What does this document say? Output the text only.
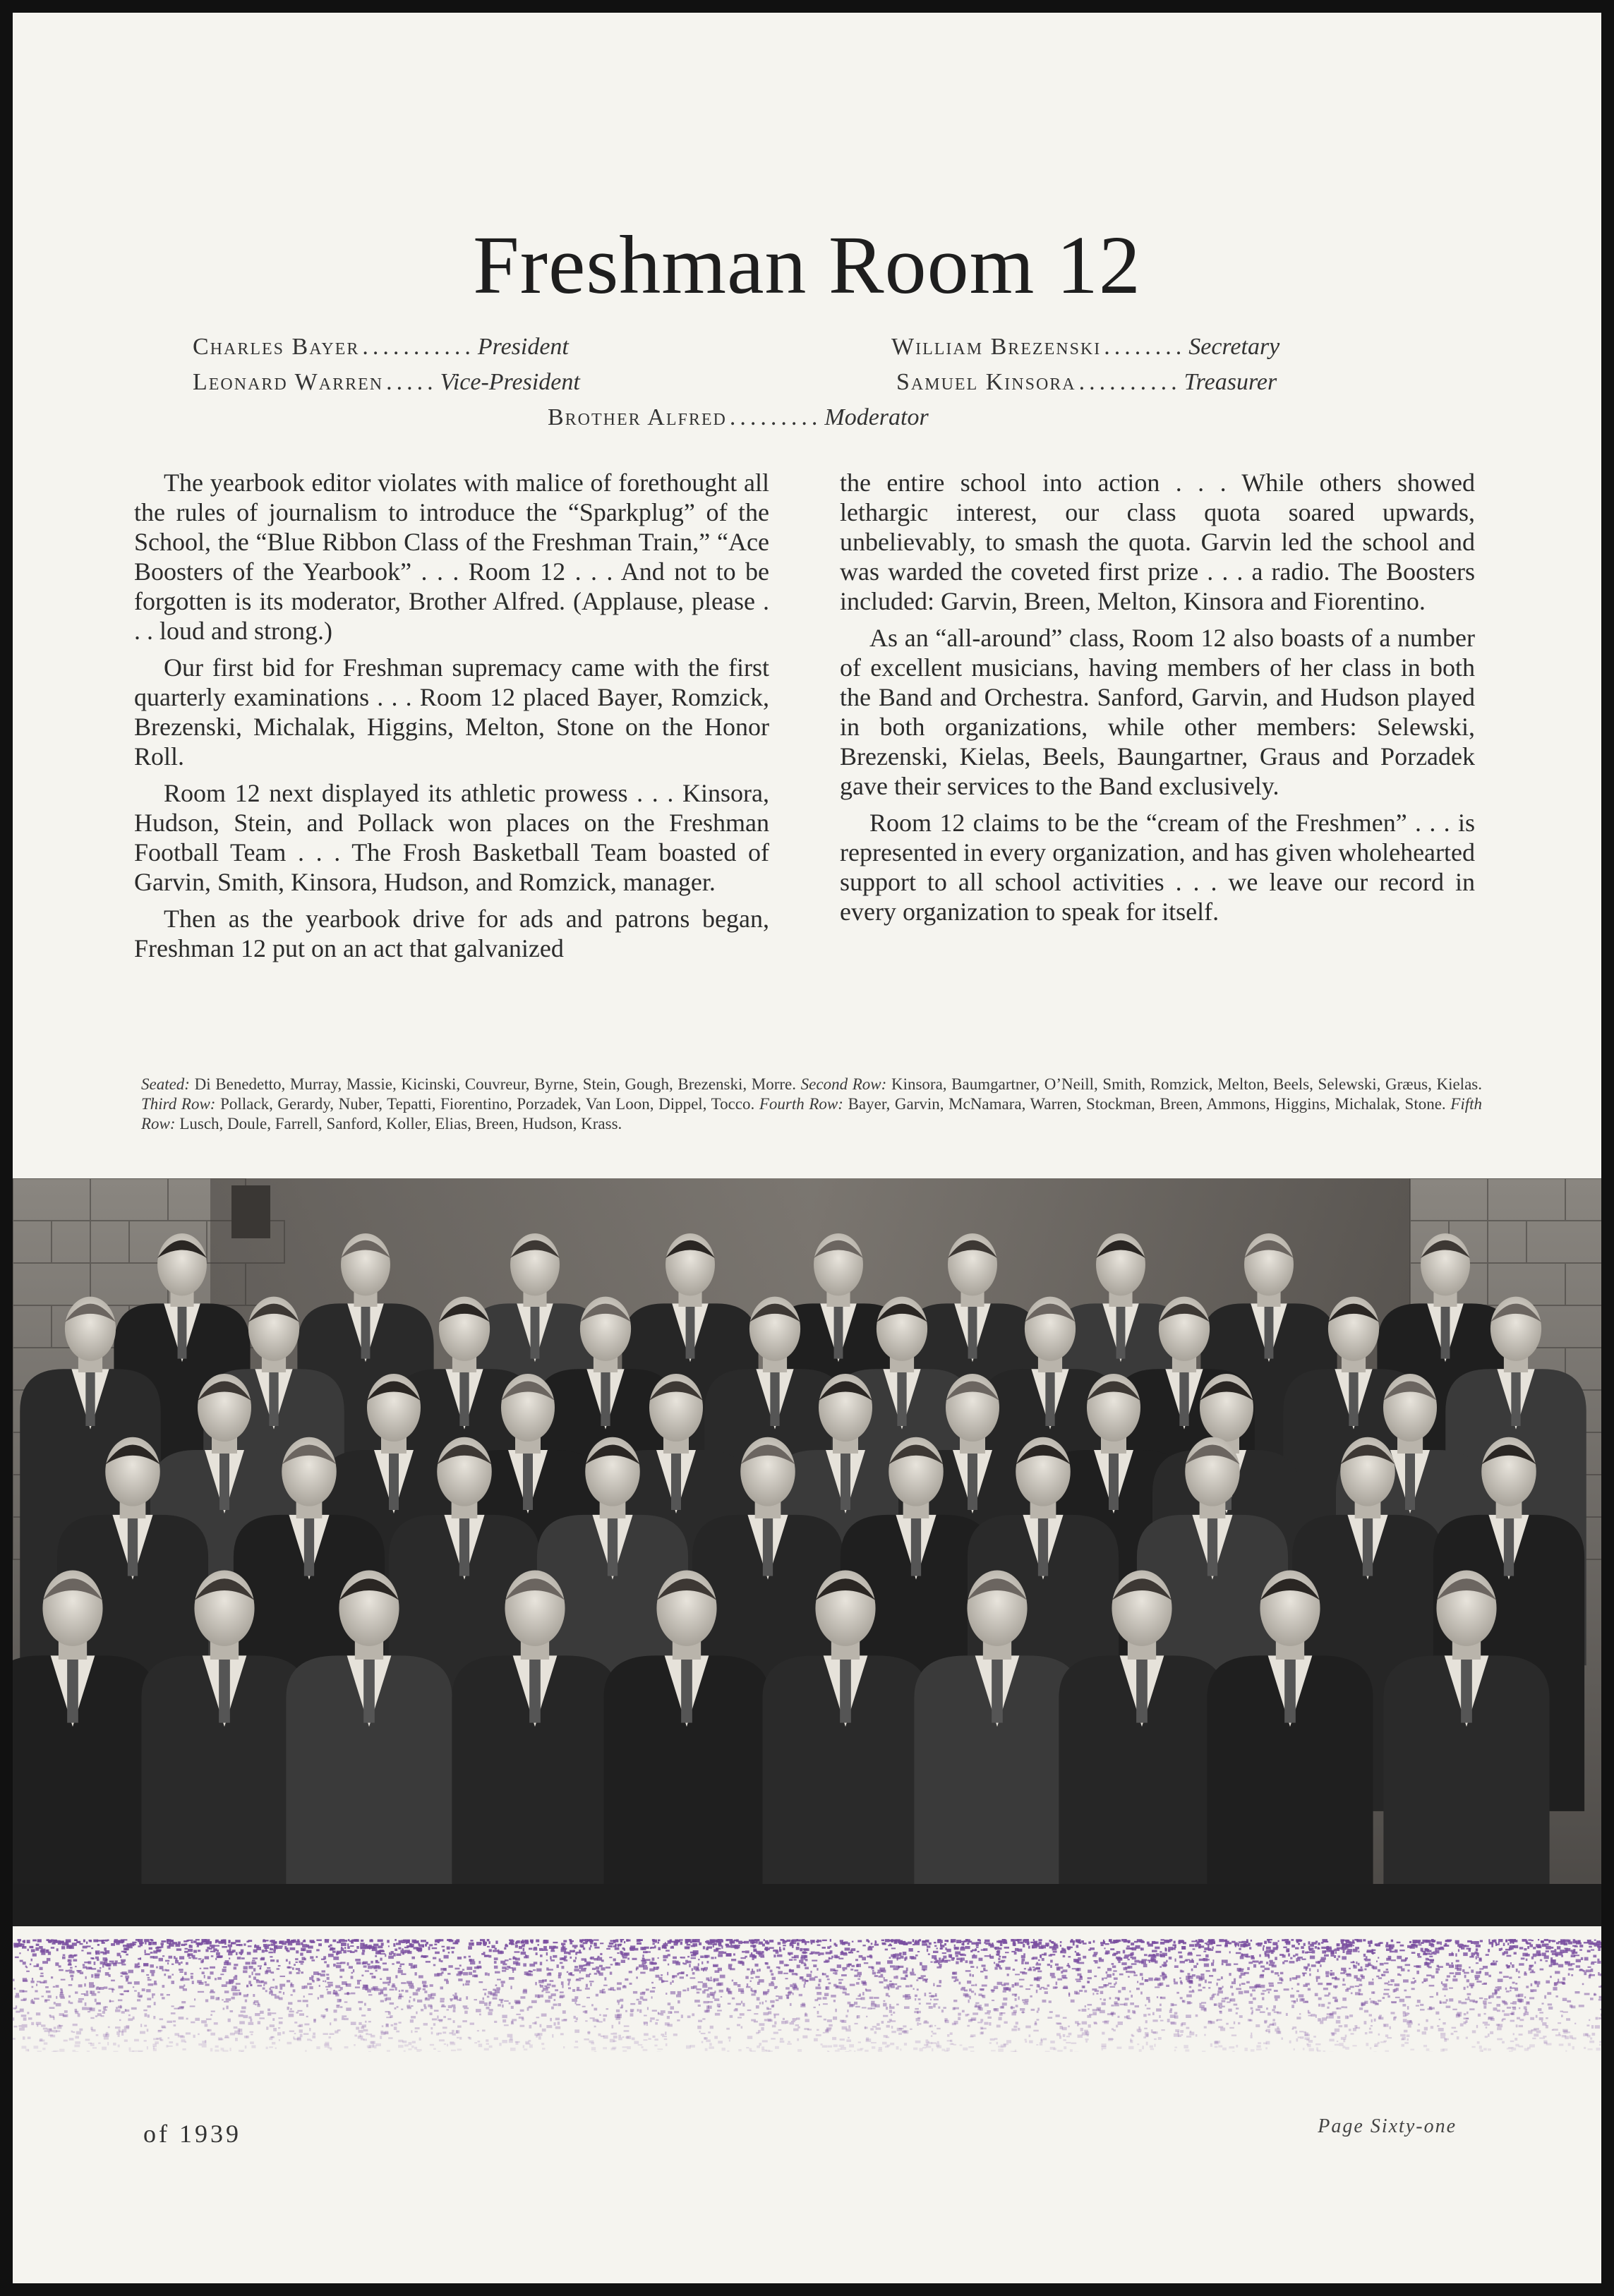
Freshman Room 12
Charles Bayer ........... President
Leonard Warren ..... Vice-President
William Brezenski ........ Secretary
Samuel Kinsora .......... Treasurer
Brother Alfred ......... Moderator

The yearbook editor violates with malice of forethought all the rules of journalism to introduce the “Sparkplug” of the School, the “Blue Ribbon Class of the Freshman Train,” “Ace Boosters of the Yearbook” . . . Room 12 . . . And not to be forgotten is its moderator, Brother Alfred. (Applause, please . . . loud and strong.)

Our first bid for Freshman supremacy came with the first quarterly examinations . . . Room 12 placed Bayer, Romzick, Brezenski, Michalak, Higgins, Melton, Stone on the Honor Roll.

Room 12 next displayed its athletic prowess . . . Kinsora, Hudson, Stein, and Pollack won places on the Freshman Football Team . . . The Frosh Basketball Team boasted of Garvin, Smith, Kinsora, Hudson, and Romzick, manager.

Then as the yearbook drive for ads and patrons began, Freshman 12 put on an act that galvanized

the entire school into action . . . While others showed lethargic interest, our class quota soared upwards, unbelievably, to smash the quota. Garvin led the school and was warded the coveted first prize . . . a radio. The Boosters included: Garvin, Breen, Melton, Kinsora and Fiorentino.

As an “all-around” class, Room 12 also boasts of a number of excellent musicians, having members of her class in both the Band and Orchestra. Sanford, Garvin, and Hudson played in both organizations, while other members: Selewski, Brezenski, Kielas, Beels, Baungartner, Graus and Porzadek gave their services to the Band exclusively.

Room 12 claims to be the “cream of the Freshmen” . . . is represented in every organization, and has given wholehearted support to all school activities . . . we leave our record in every organization to speak for itself.

Seated: Di Benedetto, Murray, Massie, Kicinski, Couvreur, Byrne, Stein, Gough, Brezenski, Morre. Second Row: Kinsora, Baumgartner, O’Neill, Smith, Romzick, Melton, Beels, Selewski, Græus, Kielas. Third Row: Pollack, Gerardy, Nuber, Tepatti, Fiorentino, Porzadek, Van Loon, Dippel, Tocco. Fourth Row: Bayer, Garvin, McNamara, Warren, Stockman, Breen, Ammons, Higgins, Michalak, Stone. Fifth Row: Lusch, Doule, Farrell, Sanford, Koller, Elias, Breen, Hudson, Krass.
of 1939	Page Sixty-one
